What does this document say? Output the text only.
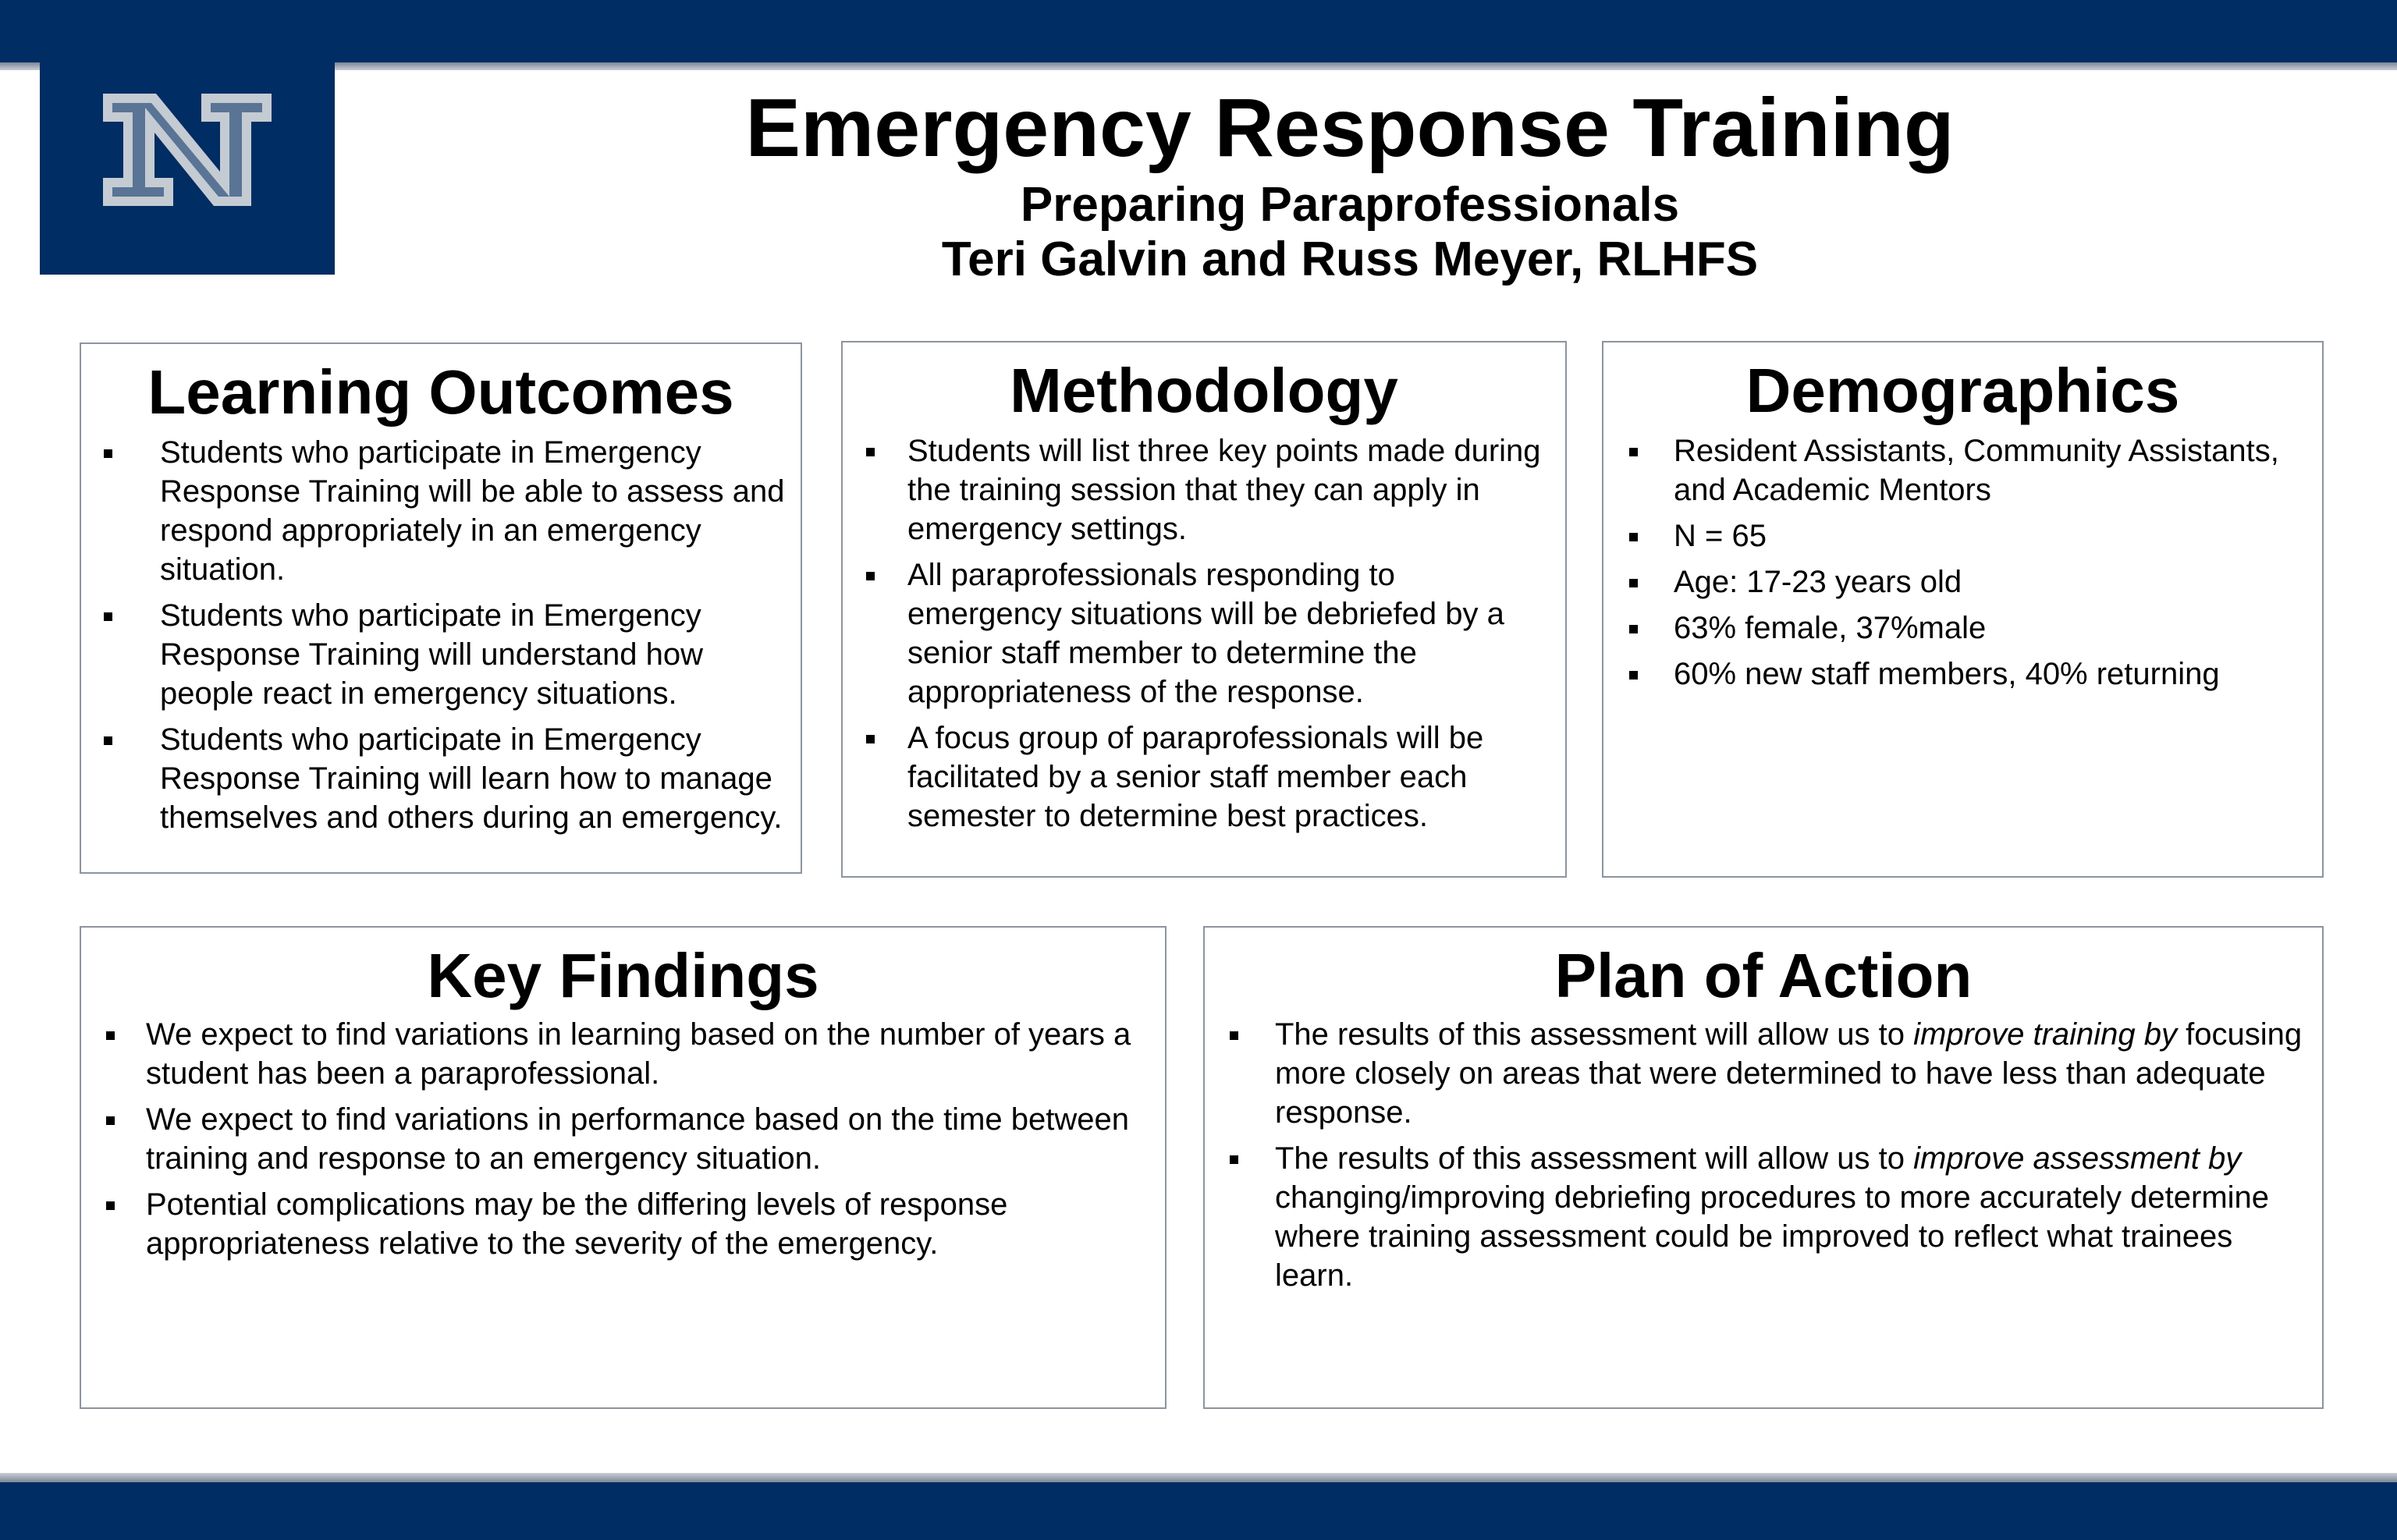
Emergency Response Training
Preparing Paraprofessionals
Teri Galvin and Russ Meyer, RLHFS
Learning Outcomes
Students who participate in Emergency Response Training will be able to assess and respond appropriately in an emergency situation.
Students who participate in Emergency Response Training will understand how people react in emergency situations.
Students who participate in Emergency Response Training will learn how to manage themselves and others during an emergency.
Methodology
Students will list three key points made during the training session that they can apply in emergency settings.
All paraprofessionals responding to emergency situations will be debriefed by a senior staff member to determine the appropriateness of the response.
A focus group of paraprofessionals will be facilitated by a senior staff member each semester to determine best practices.
Demographics
Resident Assistants, Community Assistants, and Academic Mentors
N = 65
Age: 17-23 years old
63% female, 37%male
60% new staff members, 40% returning
Key Findings
We expect to find variations in learning based on the number of years a student has been a paraprofessional.
We expect to find variations in performance based on the time between training and response to an emergency situation.
Potential complications may be the differing levels of response appropriateness relative to the severity of the emergency.
Plan of Action
The results of this assessment will allow us to improve training by focusing more closely on areas that were determined to have less than adequate response.
The results of this assessment will allow us to improve assessment by changing/improving debriefing procedures to more accurately determine where training assessment could be improved to reflect what trainees learn.
